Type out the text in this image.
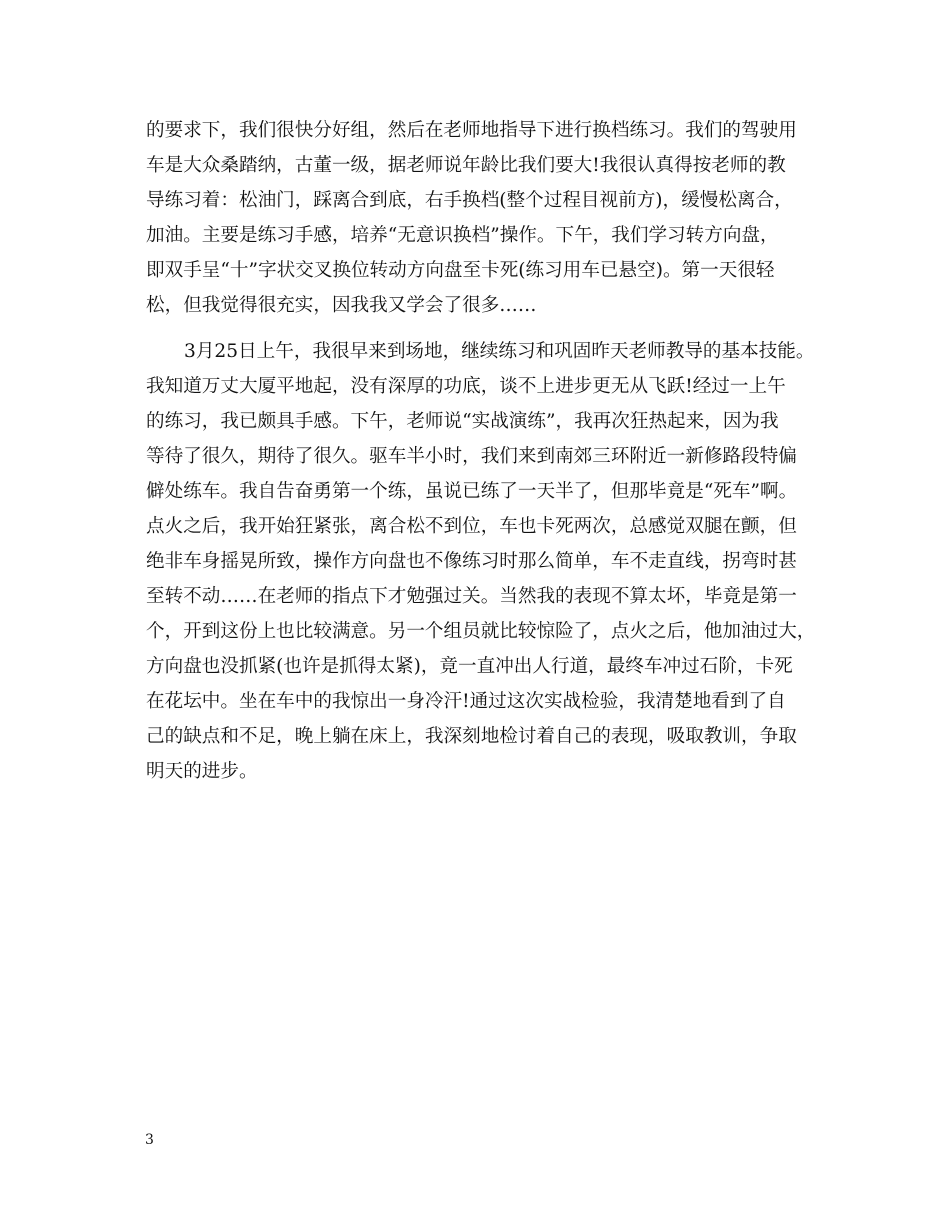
的要求下，我们很快分好组，然后在老师地指导下进行换档练习。我们的驾驶用
车是大众桑踏纳，古董一级，据老师说年龄比我们要大!我很认真得按老师的教
导练习着：松油门，踩离合到底，右手换档(整个过程目视前方)，缓慢松离合，
加油。主要是练习手感，培养“无意识换档”操作。下午，我们学习转方向盘，
即双手呈“十”字状交叉换位转动方向盘至卡死(练习用车已悬空)。第一天很轻
松，但我觉得很充实，因我我又学会了很多……
3月25日上午，我很早来到场地，继续练习和巩固昨天老师教导的基本技能。
我知道万丈大厦平地起，没有深厚的功底，谈不上进步更无从飞跃!经过一上午
的练习，我已颇具手感。下午，老师说“实战演练”，我再次狂热起来，因为我
等待了很久，期待了很久。驱车半小时，我们来到南郊三环附近一新修路段特偏
僻处练车。我自告奋勇第一个练，虽说已练了一天半了，但那毕竟是“死车”啊。
点火之后，我开始狂紧张，离合松不到位，车也卡死两次，总感觉双腿在颤，但
绝非车身摇晃所致，操作方向盘也不像练习时那么简单，车不走直线，拐弯时甚
至转不动……在老师的指点下才勉强过关。当然我的表现不算太坏，毕竟是第一
个，开到这份上也比较满意。另一个组员就比较惊险了，点火之后，他加油过大，
方向盘也没抓紧(也许是抓得太紧)，竟一直冲出人行道，最终车冲过石阶，卡死
在花坛中。坐在车中的我惊出一身冷汗!通过这次实战检验，我清楚地看到了自
己的缺点和不足，晚上躺在床上，我深刻地检讨着自己的表现，吸取教训，争取
明天的进步。
3
